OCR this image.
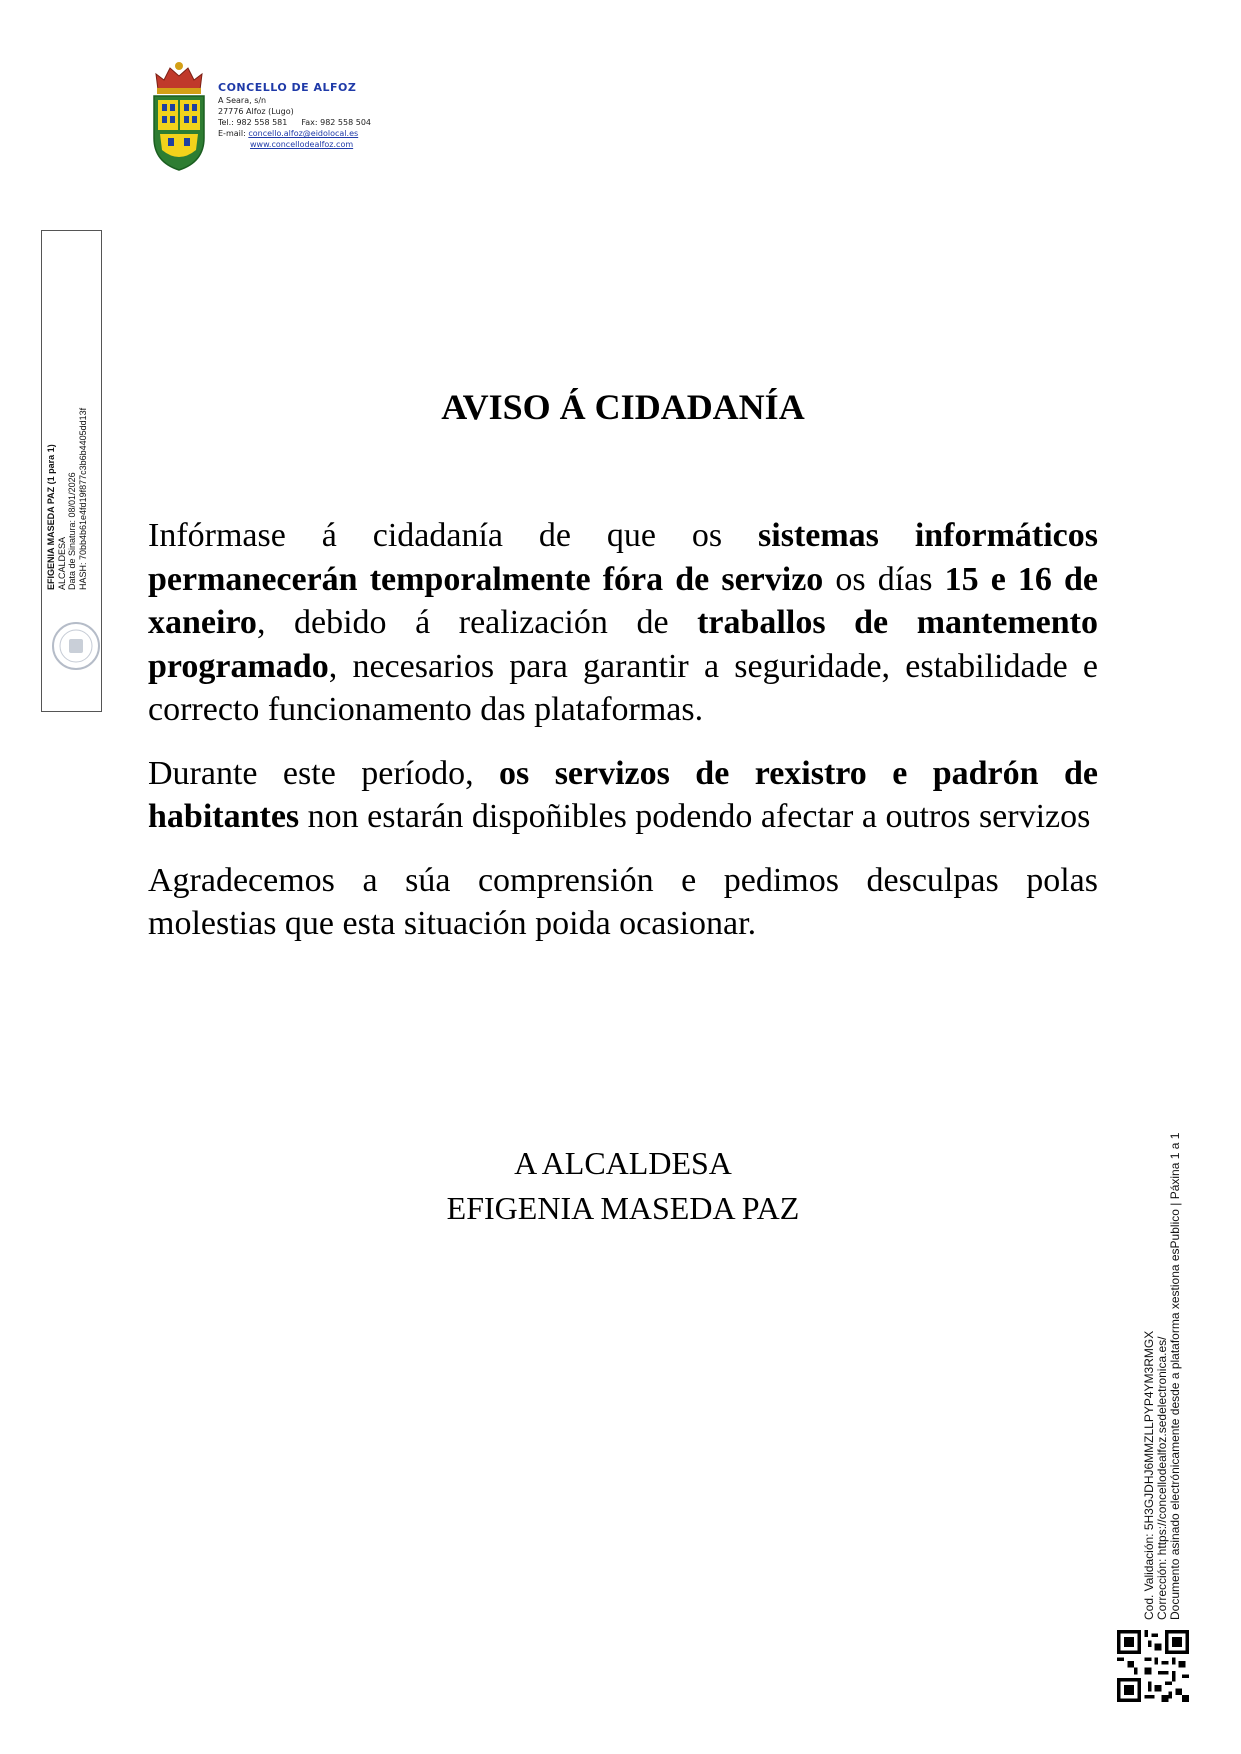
CONCELLO DE ALFOZ
A Seara, s/n
27776 Alfoz (Lugo)
Tel.: 982 558 581 Fax: 982 558 504
E-mail: concello.alfoz@eidolocal.es
www.concellodealfoz.com
EFIGENIA MASEDA PAZ (1 para 1) ALCALDESA Data de Sinatura: 08/01/2026 HASH: 70bb4b61e4fd19f877c3b6b4405dd13f
AVISO Á CIDADANÍA

Infórmase á cidadanía de que os sistemas informáticos permanecerán temporalmente fóra de servizo os días 15 e 16 de xaneiro, debido á realización de traballos de mantemento programado, necesarios para garantir a seguridade, estabilidade e correcto funcionamento das plataformas.

Durante este período, os servizos de rexistro e padrón de habitantes non estarán dispoñibles podendo afectar a outros servizos

Agradecemos a súa comprensión e pedimos desculpas polas molestias que esta situación poida ocasionar.

A ALCALDESA
EFIGENIA MASEDA PAZ
Cod. Validación: 5H3GJDHJ6MMZLLPYP4YM3RMGX Corrección: https://concellodealfoz.sedelectronica.es/ Documento asinado electrónicamente desde a plataforma xestiona esPublico | Páxina 1 a 1
